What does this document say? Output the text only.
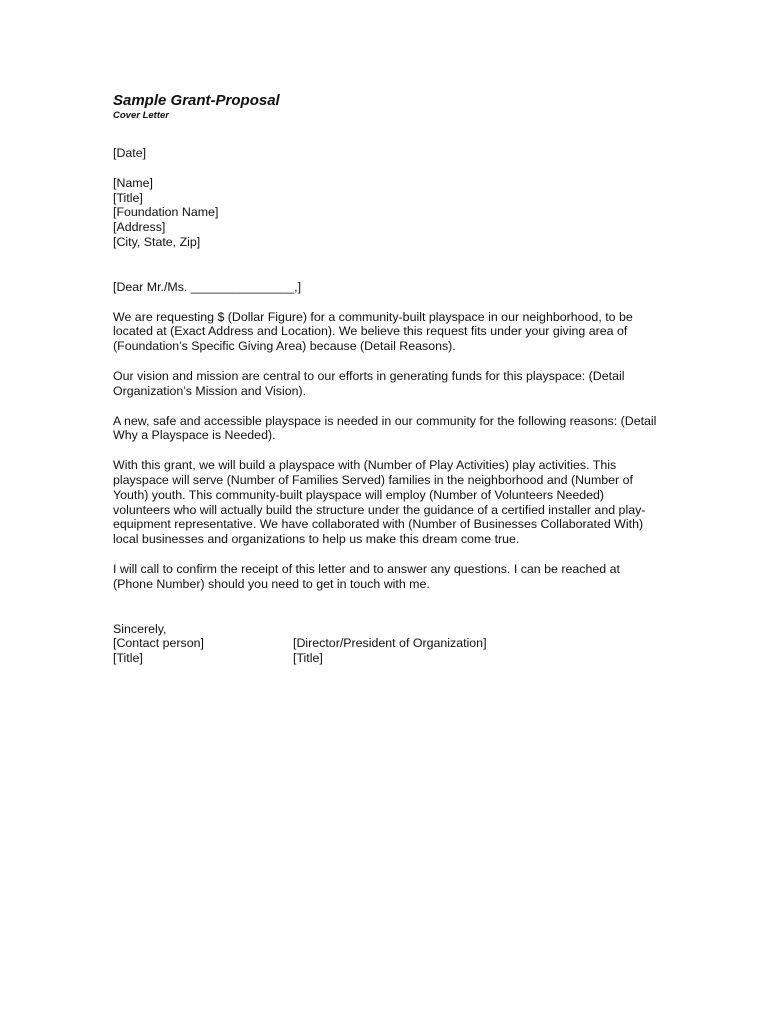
Sample Grant-Proposal
Cover Letter
[Date]
[Name]
[Title]
[Foundation Name]
[Address]
[City, State, Zip]
[Dear Mr./Ms. _______________,]

We are requesting $ (Dollar Figure) for a community-built playspace in our neighborhood, to be located at (Exact Address and Location). We believe this request fits under your giving area of (Foundation’s Specific Giving Area) because (Detail Reasons).

Our vision and mission are central to our efforts in generating funds for this playspace: (Detail Organization’s Mission and Vision).

A new, safe and accessible playspace is needed in our community for the following reasons: (Detail Why a Playspace is Needed).

With this grant, we will build a playspace with (Number of Play Activities) play activities. This playspace will serve (Number of Families Served) families in the neighborhood and (Number of Youth) youth. This community-built playspace will employ (Number of Volunteers Needed) volunteers who will actually build the structure under the guidance of a certified installer and play-equipment representative. We have collaborated with (Number of Businesses Collaborated With) local businesses and organizations to help us make this dream come true.

I will call to confirm the receipt of this letter and to answer any questions. I can be reached at (Phone Number) should you need to get in touch with me.

Sincerely,
[Contact person]	[Director/President of Organization]
[Title]	[Title]
